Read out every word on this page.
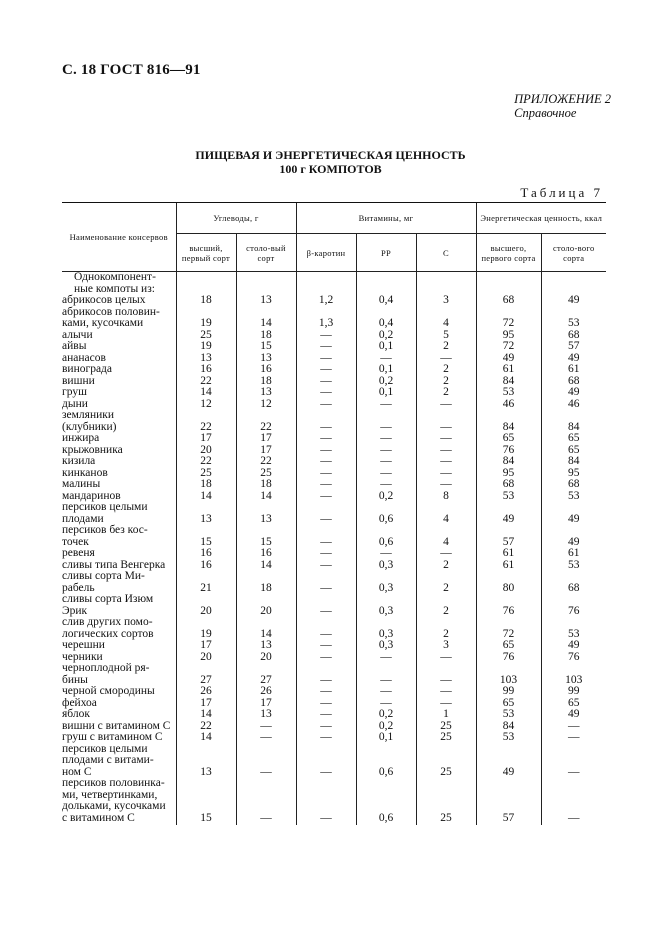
С. 18 ГОСТ 816—91
ПРИЛОЖЕНИЕ 2
Справочное
ПИЩЕВАЯ И ЭНЕРГЕТИЧЕСКАЯ ЦЕННОСТЬ
100 г КОМПОТОВ
Таблица 7
Наименование консервов	Углеводы, г		Витамины, мг			Энергетическая ценность, ккал	
	высший, первый сорт	столо-вый сорт	β-каротин	PP	С	высшего, первого сорта	столо-вого сорта

Однокомпонент-
ные компоты из:							

абрикосов целых	18	13	1,2	0,4	3	68	49

абрикосов половин-
ками, кусочками	19	14	1,3	0,4	4	72	53

алычи	25	18	—	0,2	5	95	68

айвы	19	15	—	0,1	2	72	57

ананасов	13	13	—	—	—	49	49

винограда	16	16	—	0,1	2	61	61

вишни	22	18	—	0,2	2	84	68

груш	14	13	—	0,1	2	53	49

дыни	12	12	—	—	—	46	46

земляники
(клубники)	22	22	—	—	—	84	84

инжира	17	17	—	—	—	65	65

крыжовника	20	17	—	—	—	76	65

кизила	22	22	—	—	—	84	84

кинканов	25	25	—	—	—	95	95

малины	18	18	—	—	—	68	68

мандаринов	14	14	—	0,2	8	53	53

персиков целыми
плодами	13	13	—	0,6	4	49	49

персиков без кос-
точек	15	15	—	0,6	4	57	49

ревеня	16	16	—	—	—	61	61

сливы типа Венгерка	16	14	—	0,3	2	61	53

сливы сорта Ми-
рабель	21	18	—	0,3	2	80	68

сливы сорта Изюм
Эрик	20	20	—	0,3	2	76	76

слив других помо-
логических сортов	19	14	—	0,3	2	72	53

черешни	17	13	—	0,3	3	65	49

черники	20	20	—	—	—	76	76

черноплодной ря-
бины	27	27	—	—	—	103	103

черной смородины	26	26	—	—	—	99	99

фейхоа	17	17	—	—	—	65	65

яблок	14	13	—	0,2	1	53	49

вишни с витамином С	22	—	—	0,2	25	84	—

груш с витамином С	14	—	—	0,1	25	53	—

персиков целыми
плодами с витами-
ном С	13	—	—	0,6	25	49	—

персиков половинка-
ми, четвертинками,
дольками, кусочками
с витамином С	15	—	—	0,6	25	57	—
